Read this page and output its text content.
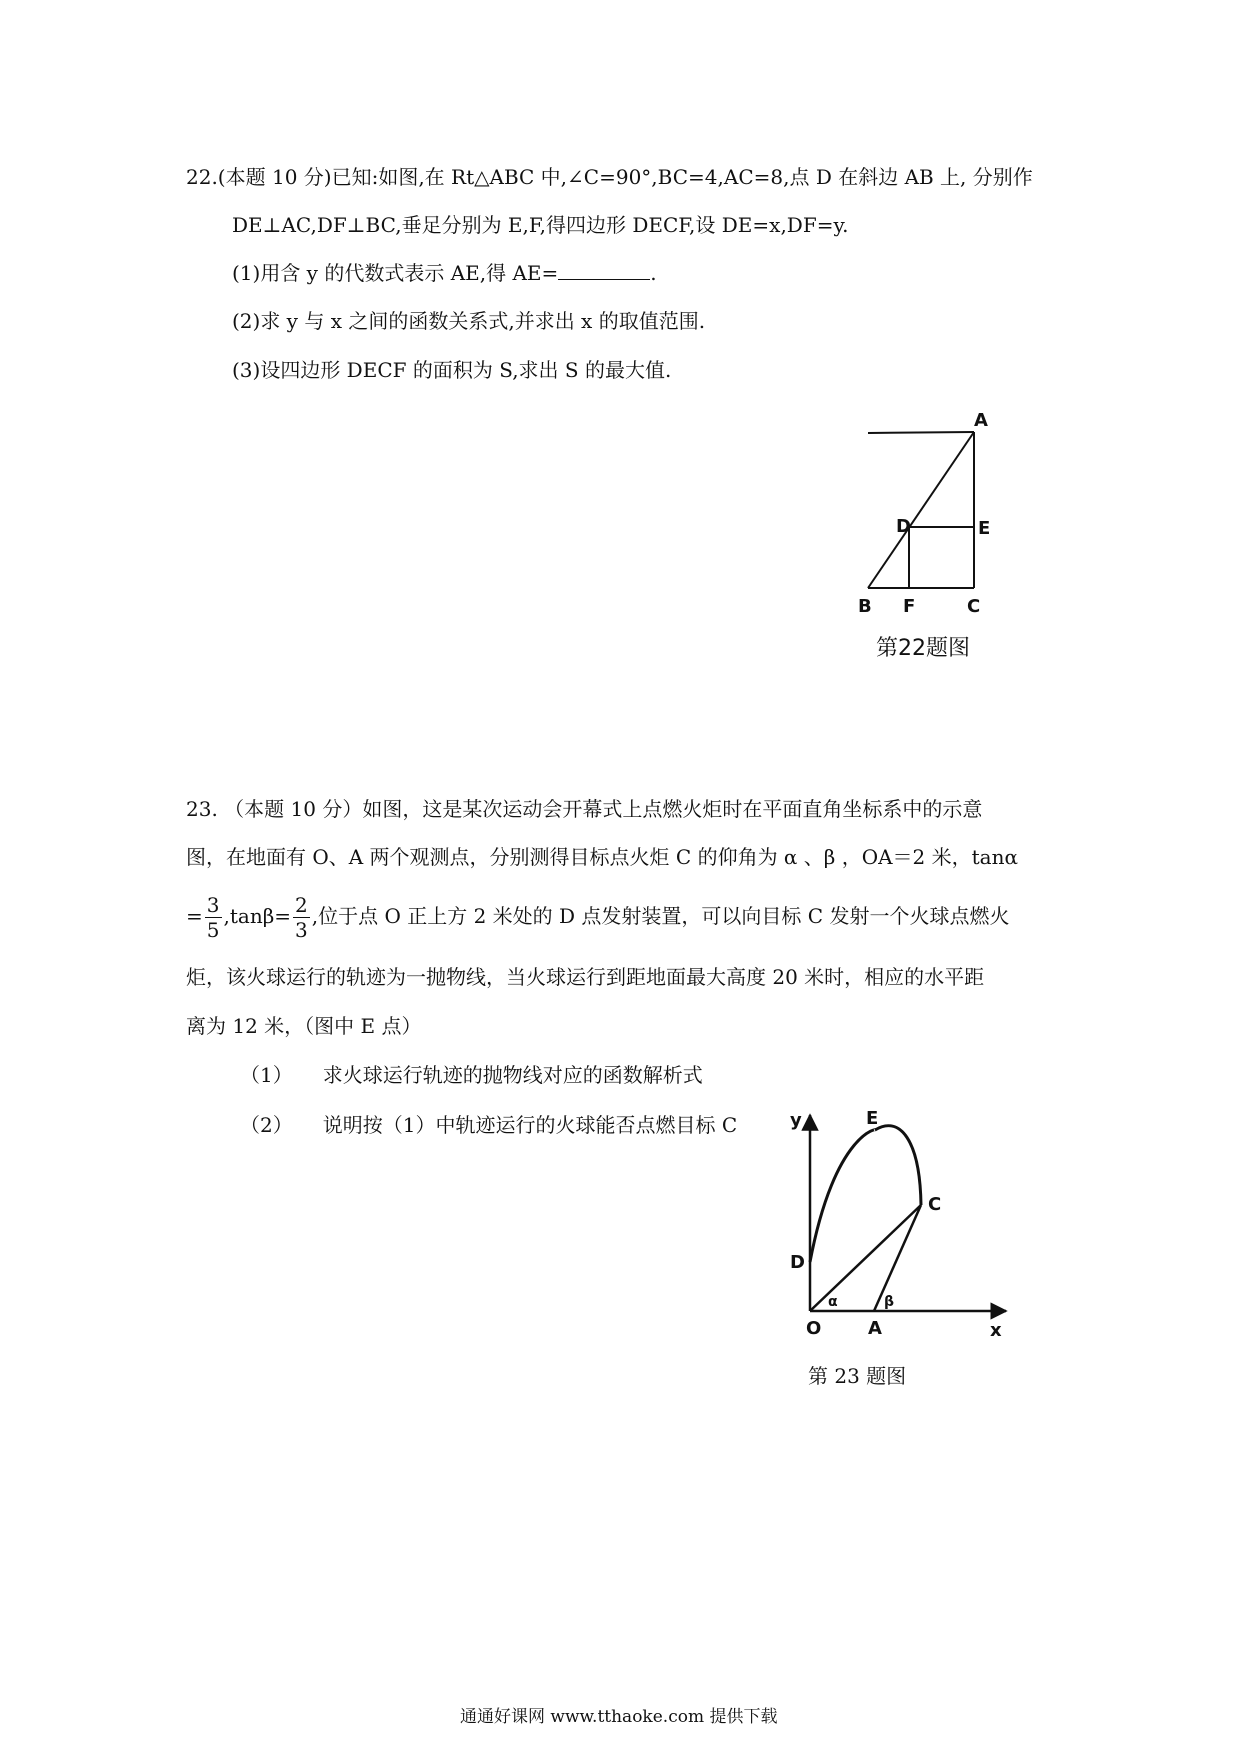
22.(本题 10 分)已知:如图,在 Rt△ABC 中,∠C=90°,BC=4,AC=8,点 D 在斜边 AB 上, 分别作
DE⊥AC,DF⊥BC,垂足分别为 E,F,得四边形 DECF,设 DE=x,DF=y.
(1)用含 y 的代数式表示 AE,得 AE=	.
(2)求 y 与 x 之间的函数关系式,并求出 x 的取值范围.
(3)设四边形 DECF 的面积为 S,求出 S 的最大值.
A
D	E
B F	C
第22题图
23. （本题 10 分）如图，这是某次运动会开幕式上点燃火炬时在平面直角坐标系中的示意
图，在地面有 O、A 两个观测点，分别测得目标点火炬 C 的仰角为 α 、β ，OA＝2 米，tanα
= $\frac{3}{5} ,\tan\beta= \frac{2}{3}$ ,位于点 O 正上方 2 米处的 D 点发射装置，可以向目标 C 发射一个火球点燃火
炬，该火球运行的轨迹为一抛物线，当火球运行到距地面最大高度 20 米时，相应的水平距
离为 12 米，（图中 E 点）
（1） 求火球运行轨迹的抛物线对应的函数解析式
（2） 说明按（1）中轨迹运行的火球能否点燃目标 C	y	E
C
D
α	β
O	A	x
第 23 题图
通通好课网 www.tthaoke.com 提供下载
